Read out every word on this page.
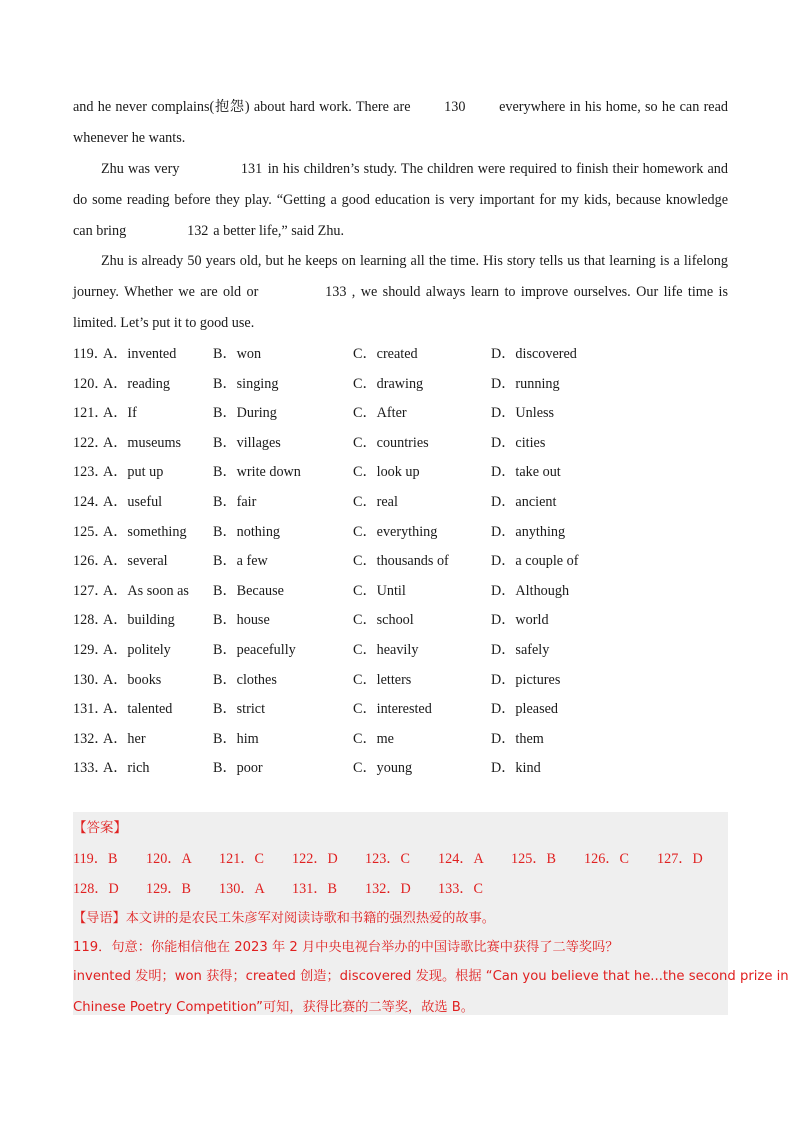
and he never complains(抱怨) about hard work. There are 130 everywhere in his home, so he can read whenever he wants.
Zhu was very	131 in his children’s study. The children were required to finish their homework and do some reading before they play. “Getting a good education is very important for my kids, because knowledge can bring	132 a better life,” said Zhu.
Zhu is already 50 years old, but he keeps on learning all the time. His story tells us that learning is a lifelong journey. Whether we are old or	133 , we should always learn to improve ourselves. Our life time is limited. Let’s put it to good use.
119．
A．invented	B．won	C．created	D．discovered
120．
A．reading	B．singing	C．drawing	D．running
121．
A．If	B．During	C．After	D．Unless
122．
A．museums B．villages	C．countries	D．cities
123．
A．put up	B．write down	C．look up	D．take out
124．
A．useful	B．fair	C．real	D．ancient
125．
A．something B．nothing	C．everything	D．anything
126．
A．several	B．a few	C．thousands of	D．a couple of
127．
A．As soon as B．Because	C．Until	D．Although
128．
A．building	B．house	C．school	D．world
129．
A．politely	B．peacefully	C．heavily	D．safely
130．
A．books	B．clothes	C．letters	D．pictures
131．
A．talented	B．strict	C．interested	D．pleased
132．
A．her	B．him	C．me	D．them
133．
A．rich	B．poor	C．young	D．kind
【答案】
119．B 120．A 121．C 122．D 123．C 124．A 125．B 126．C 127．D
128．D 129．B 130．A 131．B 132．D 133．C
【导语】本文讲的是农民工朱彦军对阅读诗歌和书籍的强烈热爱的故事。
119．句意：你能相信他在 2023 年 2 月中央电视台举办的中国诗歌比赛中获得了二等奖吗？
invented 发明；won 获得；created 创造；discovered 发现。根据 “Can you believe that he...the second prize in
Chinese Poetry Competition”可知，获得比赛的二等奖，故选 B。
